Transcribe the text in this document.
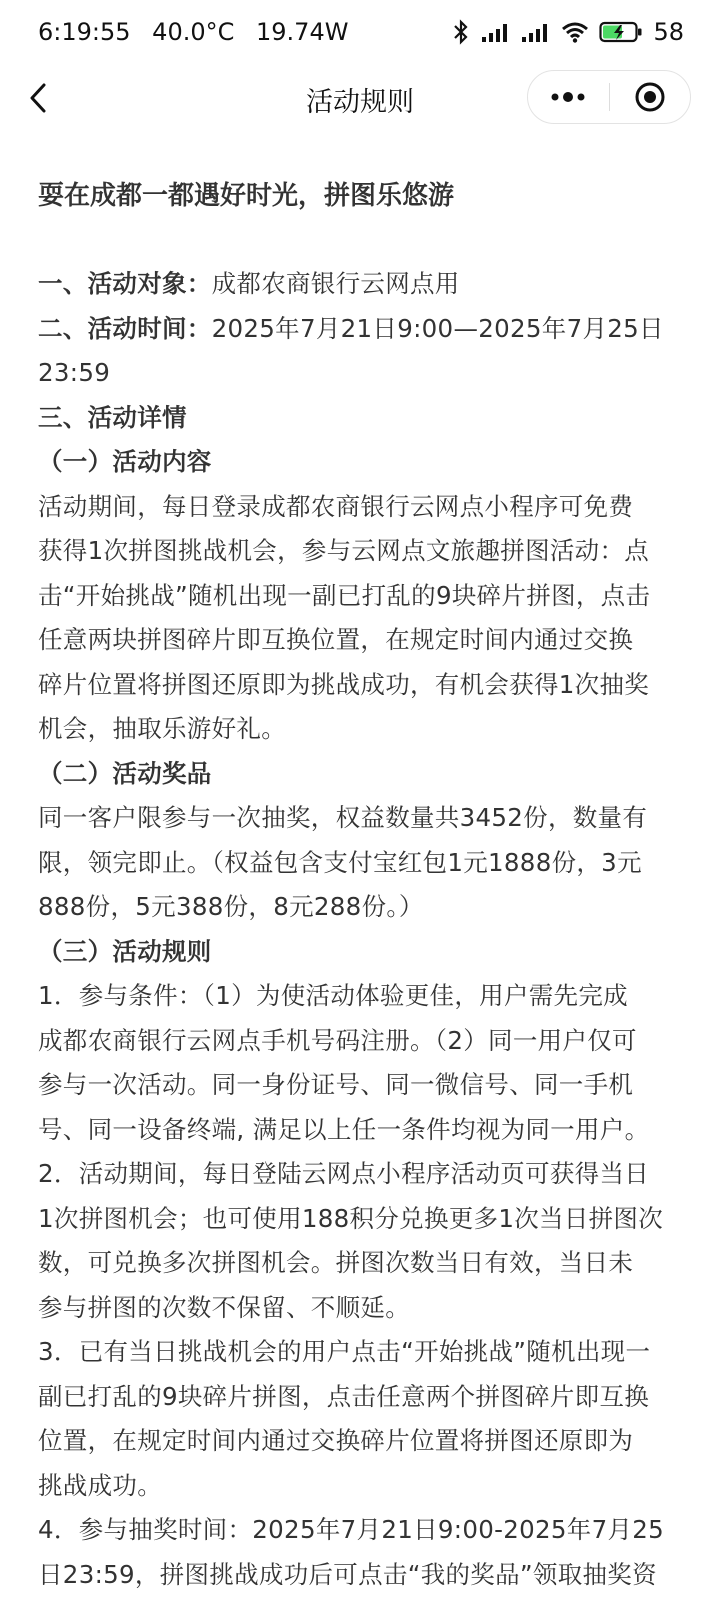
6:19:55 40.0°C 19.74W	58
活动规则
耍在成都一都遇好时光，拼图乐悠游
一、活动对象：成都农商银行云网点用
二、活动时间：2025年7月21日9:00—2025年7月25日
23:59
三、活动详情
（一）活动内容
活动期间，每日登录成都农商银行云网点小程序可免费
获得1次拼图挑战机会，参与云网点文旅趣拼图活动：点
击“开始挑战”随机出现一副已打乱的9块碎片拼图，点击
任意两块拼图碎片即互换位置，在规定时间内通过交换
碎片位置将拼图还原即为挑战成功，有机会获得1次抽奖
机会，抽取乐游好礼。
（二）活动奖品
同一客户限参与一次抽奖，权益数量共3452份，数量有
限，领完即止。（权益包含支付宝红包1元1888份，3元
888份，5元388份，8元288份。）
（三）活动规则
1．参与条件：（1）为使活动体验更佳，用户需先完成
成都农商银行云网点手机号码注册。（2）同一用户仅可
参与一次活动。同一身份证号、同一微信号、同一手机
号、同一设备终端, 满足以上任一条件均视为同一用户。
2．活动期间，每日登陆云网点小程序活动页可获得当日
1次拼图机会；也可使用188积分兑换更多1次当日拼图次
数，可兑换多次拼图机会。拼图次数当日有效，当日未
参与拼图的次数不保留、不顺延。
3．已有当日挑战机会的用户点击“开始挑战”随机出现一
副已打乱的9块碎片拼图，点击任意两个拼图碎片即互换
位置，在规定时间内通过交换碎片位置将拼图还原即为
挑战成功。
4．参与抽奖时间：2025年7月21日9:00-2025年7月25
日23:59，拼图挑战成功后可点击“我的奖品”领取抽奖资
